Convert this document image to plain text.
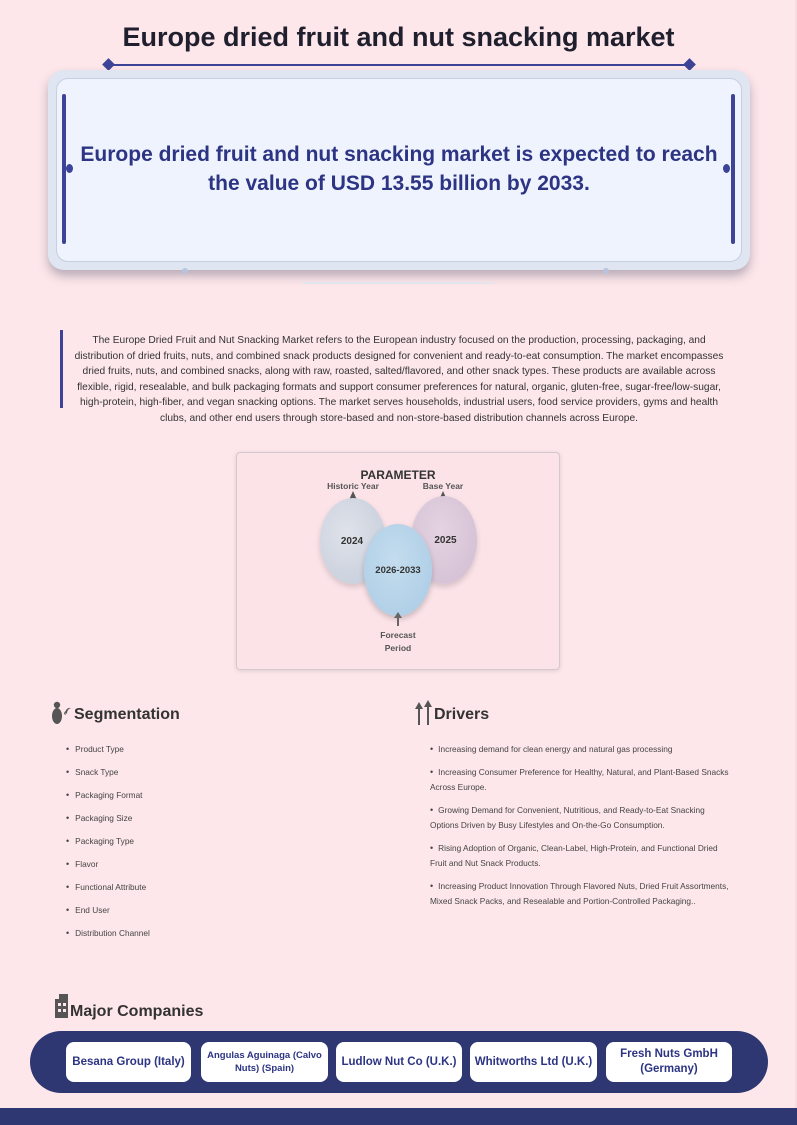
Europe dried fruit and nut snacking market

Europe dried fruit and nut snacking market is expected to reach the value of USD 13.55 billion by 2033.

The Europe Dried Fruit and Nut Snacking Market refers to the European industry focused on the production, processing, packaging, and distribution of dried fruits, nuts, and combined snack products designed for convenient and ready-to-eat consumption. The market encompasses dried fruits, nuts, and combined snacks, along with raw, roasted, salted/flavored, and other snack types. These products are available across flexible, rigid, resealable, and bulk packaging formats and support consumer preferences for natural, organic, gluten-free, sugar-free/low-sugar, high-protein, high-fiber, and vegan snacking options. The market serves households, industrial users, food service providers, gyms and health clubs, and other end users through store-based and non-store-based distribution channels across Europe.

PARAMETER
Historic Year	Base Year
2024	2025
2026-2033
Forecast
Period
Segmentation
• Product Type
• Snack Type
• Packaging Format
• Packaging Size
• Packaging Type
• Flavor
• Functional Attribute
• End User
• Distribution Channel
Drivers
•  Increasing demand for clean energy and natural gas processing
•  Increasing Consumer Preference for Healthy, Natural, and Plant-Based Snacks Across Europe.
•  Growing Demand for Convenient, Nutritious, and Ready-to-Eat Snacking Options Driven by Busy Lifestyles and On-the-Go Consumption.
•  Rising Adoption of Organic, Clean-Label, High-Protein, and Functional Dried Fruit and Nut Snack Products.
•  Increasing Product Innovation Through Flavored Nuts, Dried Fruit Assortments, Mixed Snack Packs, and Resealable and Portion-Controlled Packaging..
Major Companies
Besana Group (Italy)	Angulas Aguinaga (Calvo Nuts) (Spain)
Ludlow Nut Co (U.K.)	Whitworths Ltd (U.K.)
Fresh Nuts GmbH (Germany)
